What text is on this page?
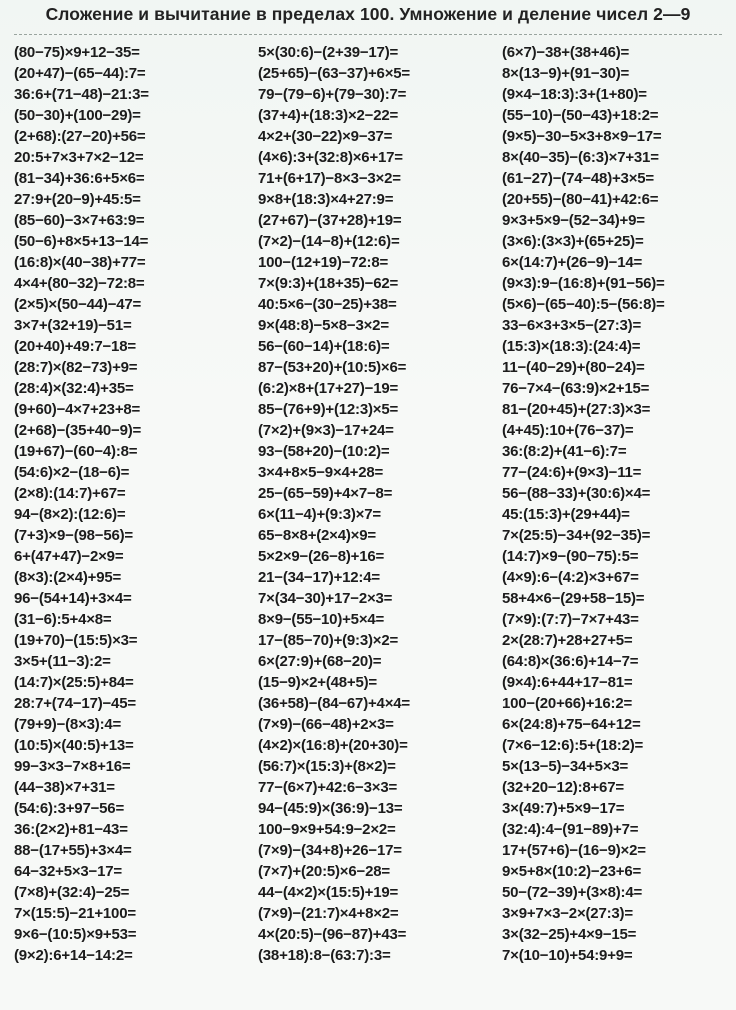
Сложение и вычитание в пределах 100. Умножение и деление чисел 2—9
(80−75)×9+12−35=
(20+47)−(65−44):7=
36:6+(71−48)−21:3=
(50−30)+(100−29)=
(2+68):(27−20)+56=
20:5+7×3+7×2−12=
(81−34)+36:6+5×6=
27:9+(20−9)+45:5=
(85−60)−3×7+63:9=
(50−6)+8×5+13−14=
(16:8)×(40−38)+77=
4×4+(80−32)−72:8=
(2×5)×(50−44)−47=
3×7+(32+19)−51=
(20+40)+49:7−18=
(28:7)×(82−73)+9=
(28:4)×(32:4)+35=
(9+60)−4×7+23+8=
(2+68)−(35+40−9)=
(19+67)−(60−4):8=
(54:6)×2−(18−6)=
(2×8):(14:7)+67=
94−(8×2):(12:6)=
(7+3)×9−(98−56)=
6+(47+47)−2×9=
(8×3):(2×4)+95=
96−(54+14)+3×4=
(31−6):5+4×8=
(19+70)−(15:5)×3=
3×5+(11−3):2=
(14:7)×(25:5)+84=
28:7+(74−17)−45=
(79+9)−(8×3):4=
(10:5)×(40:5)+13=
99−3×3−7×8+16=
(44−38)×7+31=
(54:6):3+97−56=
36:(2×2)+81−43=
88−(17+55)+3×4=
64−32+5×3−17=
(7×8)+(32:4)−25=
7×(15:5)−21+100=
9×6−(10:5)×9+53=
(9×2):6+14−14:2=
5×(30:6)−(2+39−17)=
(25+65)−(63−37)+6×5=
79−(79−6)+(79−30):7=
(37+4)+(18:3)×2−22=
4×2+(30−22)×9−37=
(4×6):3+(32:8)×6+17=
71+(6+17)−8×3−3×2=
9×8+(18:3)×4+27:9=
(27+67)−(37+28)+19=
(7×2)−(14−8)+(12:6)=
100−(12+19)−72:8=
7×(9:3)+(18+35)−62=
40:5×6−(30−25)+38=
9×(48:8)−5×8−3×2=
56−(60−14)+(18:6)=
87−(53+20)+(10:5)×6=
(6:2)×8+(17+27)−19=
85−(76+9)+(12:3)×5=
(7×2)+(9×3)−17+24=
93−(58+20)−(10:2)=
3×4+8×5−9×4+28=
25−(65−59)+4×7−8=
6×(11−4)+(9:3)×7=
65−8×8+(2×4)×9=
5×2×9−(26−8)+16=
21−(34−17)+12:4=
7×(34−30)+17−2×3=
8×9−(55−10)+5×4=
17−(85−70)+(9:3)×2=
6×(27:9)+(68−20)=
(15−9)×2+(48+5)=
(36+58)−(84−67)+4×4=
(7×9)−(66−48)+2×3=
(4×2)×(16:8)+(20+30)=
(56:7)×(15:3)+(8×2)=
77−(6×7)+42:6−3×3=
94−(45:9)×(36:9)−13=
100−9×9+54:9−2×2=
(7×9)−(34+8)+26−17=
(7×7)+(20:5)×6−28=
44−(4×2)×(15:5)+19=
(7×9)−(21:7)×4+8×2=
4×(20:5)−(96−87)+43=
(38+18):8−(63:7):3=
(6×7)−38+(38+46)=
8×(13−9)+(91−30)=
(9×4−18:3):3+(1+80)=
(55−10)−(50−43)+18:2=
(9×5)−30−5×3+8×9−17=
8×(40−35)−(6:3)×7+31=
(61−27)−(74−48)+3×5=
(20+55)−(80−41)+42:6=
9×3+5×9−(52−34)+9=
(3×6):(3×3)+(65+25)=
6×(14:7)+(26−9)−14=
(9×3):9−(16:8)+(91−56)=
(5×6)−(65−40):5−(56:8)=
33−6×3+3×5−(27:3)=
(15:3)×(18:3):(24:4)=
11−(40−29)+(80−24)=
76−7×4−(63:9)×2+15=
81−(20+45)+(27:3)×3=
(4+45):10+(76−37)=
36:(8:2)+(41−6):7=
77−(24:6)+(9×3)−11=
56−(88−33)+(30:6)×4=
45:(15:3)+(29+44)=
7×(25:5)−34+(92−35)=
(14:7)×9−(90−75):5=
(4×9):6−(4:2)×3+67=
58+4×6−(29+58−15)=
(7×9):(7:7)−7×7+43=
2×(28:7)+28+27+5=
(64:8)×(36:6)+14−7=
(9×4):6+44+17−81=
100−(20+66)+16:2=
6×(24:8)+75−64+12=
(7×6−12:6):5+(18:2)=
5×(13−5)−34+5×3=
(32+20−12):8+67=
3×(49:7)+5×9−17=
(32:4):4−(91−89)+7=
17+(57+6)−(16−9)×2=
9×5+8×(10:2)−23+6=
50−(72−39)+(3×8):4=
3×9+7×3−2×(27:3)=
3×(32−25)+4×9−15=
7×(10−10)+54:9+9=
